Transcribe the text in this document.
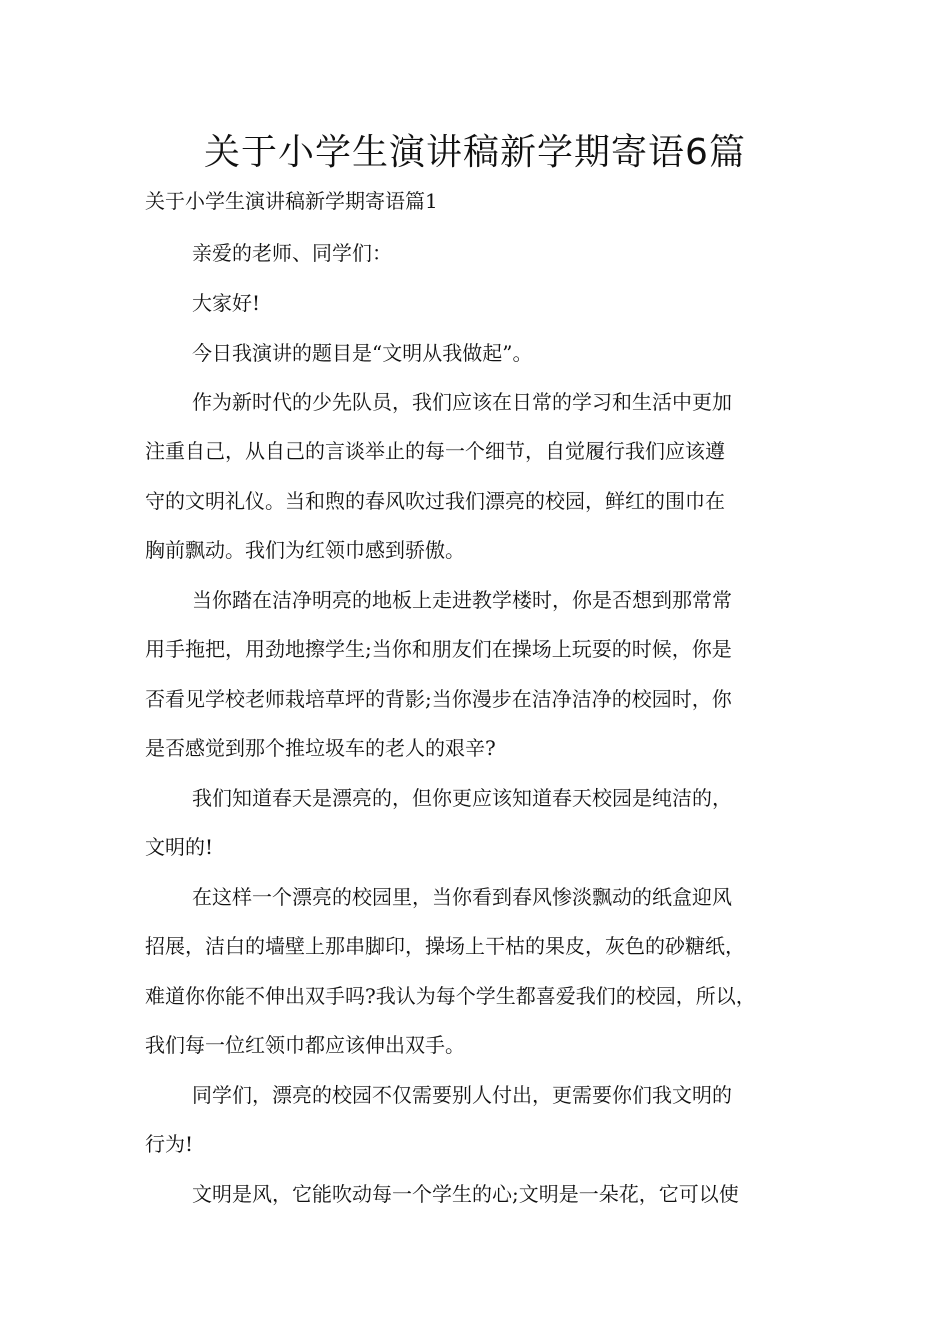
关于小学生演讲稿新学期寄语6篇
关于小学生演讲稿新学期寄语篇1
亲爱的老师、同学们：
大家好!
今日我演讲的题目是“文明从我做起”。
作为新时代的少先队员，我们应该在日常的学习和生活中更加
注重自己，从自己的言谈举止的每一个细节，自觉履行我们应该遵
守的文明礼仪。当和煦的春风吹过我们漂亮的校园，鲜红的围巾在
胸前飘动。我们为红领巾感到骄傲。
当你踏在洁净明亮的地板上走进教学楼时，你是否想到那常常
用手拖把，用劲地擦学生;当你和朋友们在操场上玩耍的时候，你是
否看见学校老师栽培草坪的背影;当你漫步在洁净洁净的校园时，你
是否感觉到那个推垃圾车的老人的艰辛?
我们知道春天是漂亮的，但你更应该知道春天校园是纯洁的，
文明的!
在这样一个漂亮的校园里，当你看到春风惨淡飘动的纸盒迎风
招展，洁白的墙壁上那串脚印，操场上干枯的果皮，灰色的砂糖纸，
难道你你能不伸出双手吗?我认为每个学生都喜爱我们的校园，所以，
我们每一位红领巾都应该伸出双手。
同学们，漂亮的校园不仅需要别人付出，更需要你们我文明的
行为!
文明是风，它能吹动每一个学生的心;文明是一朵花，它可以使
